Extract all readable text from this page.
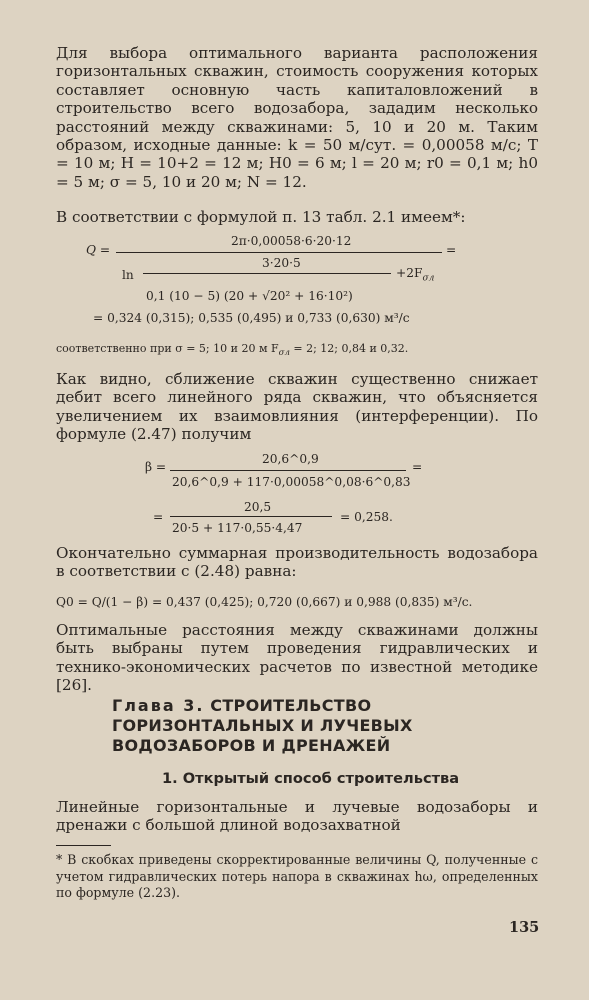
Для выбора оптимального варианта расположения горизонтальных скважин, стоимость сооружения которых составляет основную часть капиталовложений в строительство всего водозабора, зададим несколько расстояний между скважинами: 5, 10 и 20 м. Таким образом, исходные данные: k = 50 м/сут. = 0,00058 м/с; T = 10 м; H = 10+2 = 12 м; H0 = 6 м; l = 20 м; r0 = 0,1 м; h0 = 5 м; σ = 5, 10 и 20 м; N = 12.
В соответствии с формулой п. 13 табл. 2.1 имеем*:
Q =
2π·0,00058·6·20·12
=
3·20·5
ln	$+2F_{\sigma л}$
0,1 (10 − 5) (20 + √20² + 16·10²)
= 0,324 (0,315); 0,535 (0,495) и 0,733 (0,630) м³/с
соответственно при σ = 5; 10 и 20 м $F_{\sigma л} = 2$; 12; 0,84 и 0,32.
Как видно, сближение скважин существенно снижает дебит всего линейного ряда скважин, что объясняется увеличением их взаимовлияния (интерференции). По формуле (2.47) получим
β =
20,6^0,9
=
20,6^0,9 + 117·0,00058^0,08·6^0,83
=
20,5
20·5 + 117·0,55·4,47
= 0,258.
Окончательно суммарная производительность водозабора в соответствии с (2.48) равна:
Q0 = Q/(1 − β) = 0,437 (0,425); 0,720 (0,667) и 0,988 (0,835) м³/с.
Оптимальные расстояния между скважинами должны быть выбраны путем проведения гидравлических и технико-экономических расчетов по известной методике [26].
Глава 3. СТРОИТЕЛЬСТВО
ГОРИЗОНТАЛЬНЫХ И ЛУЧЕВЫХ
ВОДОЗАБОРОВ И ДРЕНАЖЕЙ
1. Открытый способ строительства
Линейные горизонтальные и лучевые водозаборы и дренажи с большой длиной водозахватной
* В скобках приведены скорректированные величины Q, полученные с учетом гидравлических потерь напора в скважинах hω, определенных по формуле (2.23).
135
